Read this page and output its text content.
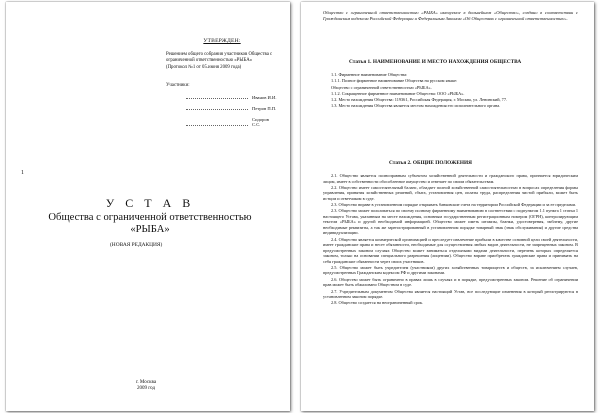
УТВЕРЖДЕН:
Решением общего собрания участников Общества с ограниченной ответственностью «РЫБА»
(Протокол №1 от 05.июня 2009 года)
Участники:
Иванов И.И.
Петров П.П.
Сидоров С.С.
1
У С Т А В
Общества с ограниченной ответственностью
«РЫБА»
(НОВАЯ РЕДАКЦИЯ)
г. Москва
2009 год
Общество с ограниченной ответственностью «РЫБА» именуемое в дальнейшем «Общество», создано в соответствии с Гражданским кодексом Российской Федерации и Федеральным Законом «Об Обществах с ограниченной ответственностью».
Статья 1. НАИМЕНОВАНИЕ И МЕСТО НАХОЖДЕНИЯ ОБЩЕСТВА

1.1. Фирменное наименование Общества:

1.1.1. Полное фирменное наименование Общества на русском языке:

Общество с ограниченной ответственностью «РЫБА».

1.1.2. Сокращенное фирменное наименование Общества: ООО «РЫБА».

1.2. Место нахождения Общества: 119361, Российская Федерация, г. Москва, ул. Ленинский, 77.

1.3. Место нахождения Общества является местом нахождения его исполнительного органа.

Статья 2. ОБЩИЕ ПОЛОЖЕНИЯ

2.1. Общество является полноправным субъектом хозяйственной деятельности и гражданского права, признается юридическим лицом, имеет в собственности обособленное имущество и отвечает по своим обязательствам.

2.2. Общество имеет самостоятельный баланс, обладает полной хозяйственной самостоятельностью в вопросах определения формы управления, принятия хозяйственных решений, сбыта, установления цен, оплаты труда, распределения чистой прибыли, может быть истцом и ответчиком в суде.

2.3. Общество вправе в установленном порядке открывать банковские счета на территории Российской Федерации и за ее пределами.

2.3. Общество может пользоваться по своему полному фирменному наименованию в соответствии с подпунктом 1.1 пункта 1 статьи 1 настоящего Устава, указанным на месте нахождения, основным государственным регистрационным номером (ОГРН), контролирующим текстом «РЫБА» и другой необходимой информацией. Общество может иметь штампы, бланки, удостоверения, эмблему, другие необходимые реквизиты, а так же зарегистрированный в установленном порядке товарный знак (знак обслуживания) и другие средства индивидуализации.

2.4. Общество является коммерческой организацией и преследует извлечение прибыли в качестве основной цели своей деятельности, имеет гражданские права и несет обязанности, необходимые для осуществления любых видов деятельности, не запрещенных законом. В предусмотренных законом случаях Общество может заниматься отдельными видами деятельности, перечень которых определяется законом, только на основании специального разрешения (лицензии). Общество вправе приобретать гражданские права и принимать на себя гражданские обязанности через своих участников.

2.5. Общество может быть учредителем (участником) других хозяйственных товариществ и обществ, за исключением случаев, предусмотренных Гражданским кодексом РФ и другими законами.

2.6. Общество может быть ограничено в правах лишь в случаях и в порядке, предусмотренных законом. Решение об ограничении прав может быть обжаловано Обществом в суде.

2.7. Учредительным документом Общества является настоящий Устав, все последующие изменения в который регистрируются в установленном законом порядке.

2.8. Общество создается на неограниченный срок.
